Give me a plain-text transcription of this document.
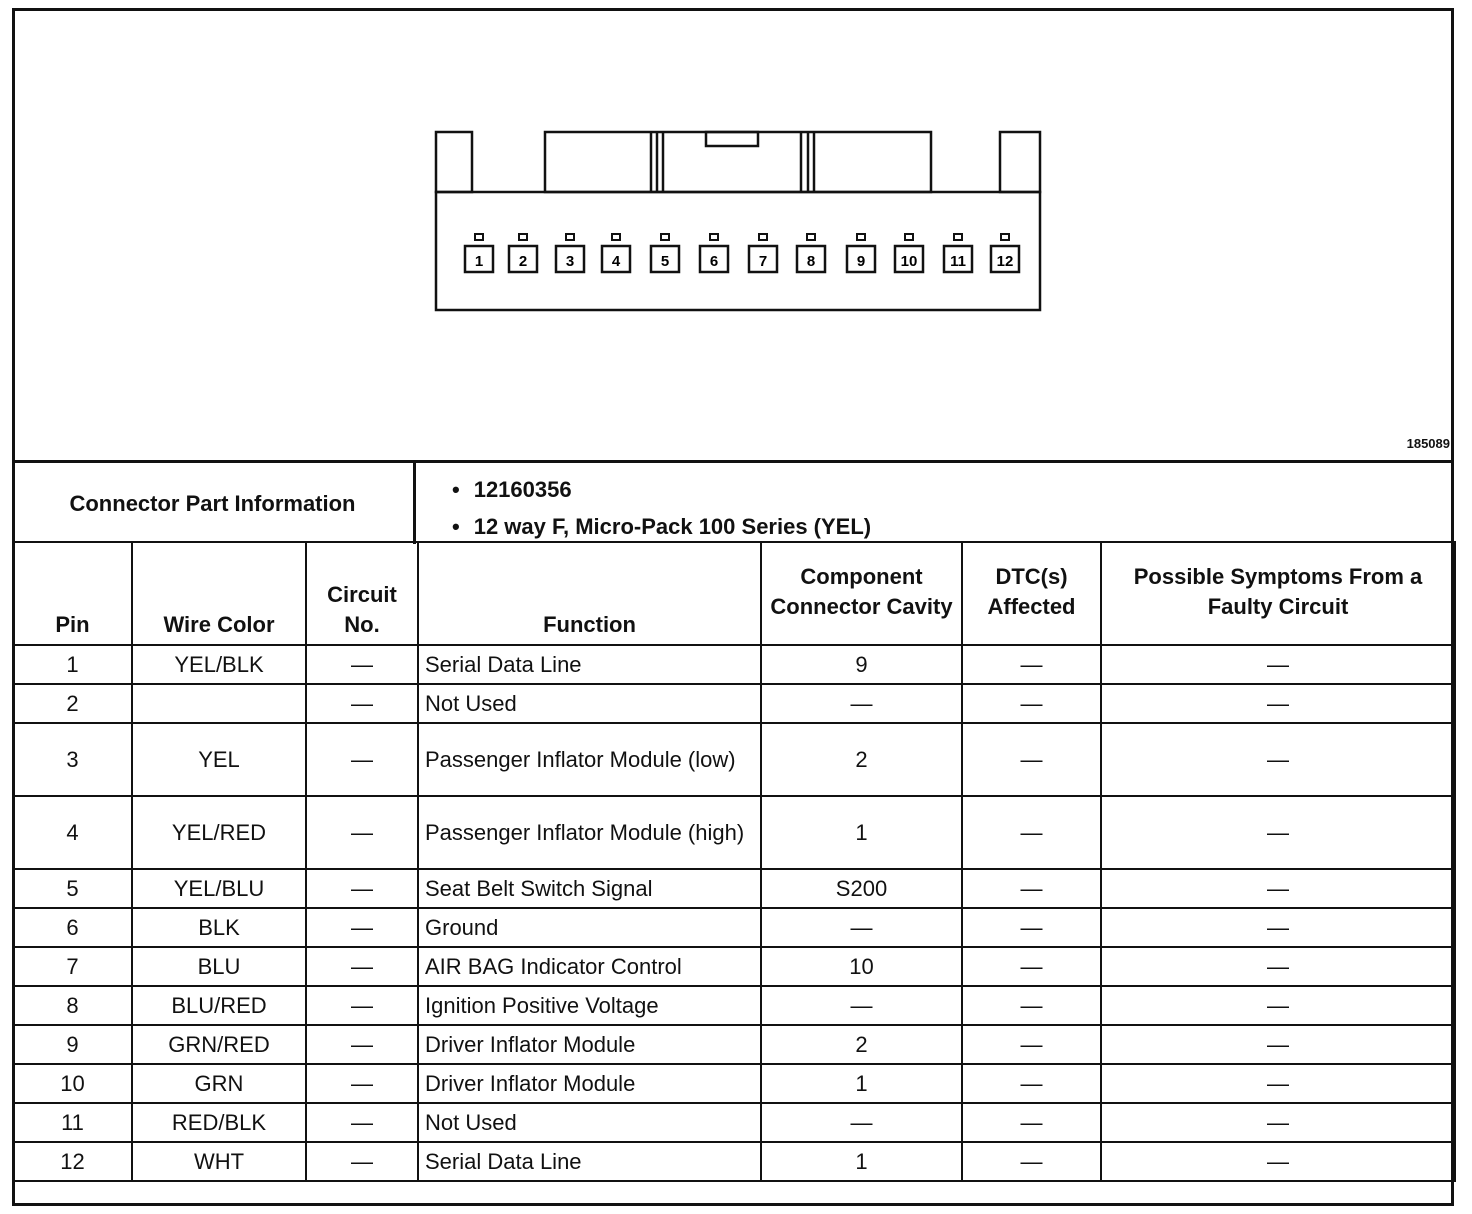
1 2	3	4	5	6	7	8	9 10 11 12
185089
Connector Part Information
• 12160356
• 12 way F, Micro-Pack 100 Series (YEL)
Pin	Wire Color	Circuit No.	Function	Component Connector Cavity	DTC(s) Affected	Possible Symptoms From a Faulty Circuit
1	YEL/BLK	—	Serial Data Line	9	—	—
2		—	Not Used	—	—	—
3	YEL	—	Passenger Inflator Module (low)	2	—	—
4	YEL/RED	—	Passenger Inflator Module (high)	1	—	—
5	YEL/BLU	—	Seat Belt Switch Signal	S200	—	—
6	BLK	—	Ground	—	—	—
7	BLU	—	AIR BAG Indicator Control	10	—	—
8	BLU/RED	—	Ignition Positive Voltage	—	—	—
9	GRN/RED	—	Driver Inflator Module	2	—	—
10	GRN	—	Driver Inflator Module	1	—	—
11	RED/BLK	—	Not Used	—	—	—
12	WHT	—	Serial Data Line	1	—	—
